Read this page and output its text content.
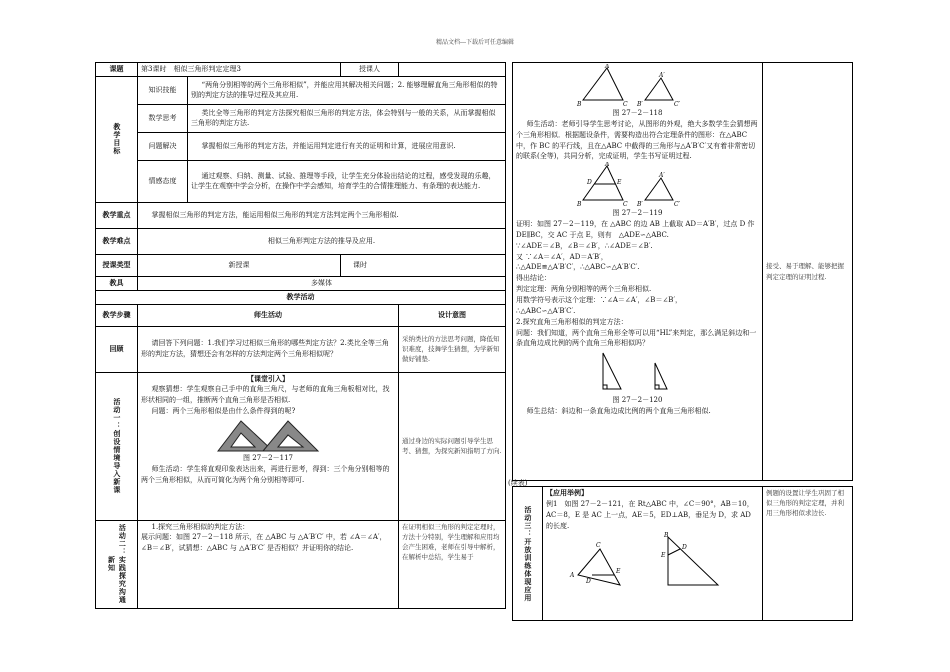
精品文档---下载后可任意编辑
课题	第3课时　相似三角形判定定理3		授课人	

教学目标	知识技能	“两角分别相等的两个三角形相似”，并能应用其解决相关问题；2. 能够理解直角三角形相似的特别的判定方法的推导过程及其应用.		
	数学思考	类比全等三角形的判定方法探究相似三角形的判定方法，体会特别与一般的关系，从而掌握相似三角形的判定方法.		
	问题解决	掌握相似三角形的判定方法，并能运用判定进行有关的证明和计算，进展应用意识.		
	情感态度	通过观察、归纳、测量、试验、推理等手段，让学生充分体验出结论的过程，感受发现的乐趣，让学生在观察中学会分析，在操作中学会感知，培育学生的合情推理能力、有条理的表达能力.		
教学重点	掌握相似三角形的判定方法，能运用相似三角形的判定方法判定两个三角形相似.			
教学难点	相似三角形判定方法的推导及应用.			
授课类型	新授课		课时	
教具	多媒体			
教学活动				
教学步骤	师生活动			设计意图
回顾	请回答下列问题：1.我们学习过相似三角形的哪些判定方法？2.类比全等三角形的判定方法，猜想还会有怎样的方法判定两个三角形相似呢？			采纳类比的方法思考问题，降低知识难度，技舞学生猜想，为学新知做好铺垫.

活动一：创设情境导入新课	【课堂引入】

观察猜想：学生观察自己手中的直角三角尺，与老师的直角三角板相对比，找形状相同的一组，推断两个直角三角形是否相似.

问题：两个三角形相似是由什么条件得到的呢?

图 27－2－117

师生活动：学生将直观印象表达出来，再进行思考，得到：三个角分别相等的两个三角形相似，从而可简化为两个角分别相等即可.			通过身边的实际问题引导学生思考、猜想，为探究新知指明了方向.

活动二：实践探究沟通新知	1.探究三角形相似的判定方法：

展示问题：如图 27－2－118 所示，在 △ABC 与 △A′B′C′ 中，若 ∠A＝∠A′，∠B＝∠B′，试猜想：△ABC 与 △A′B′C′ 是否相似？并证明你的结论.			在证明相似三角形的判定定理时，方法十分特别，学生理解和应用均会产生困难，老师在引导中解析，在解析中总结，学生易于
A
B	C
A′
B′	C′

图 27－2－118

师生活动：老师引导学生思考讨论，从图形的外观，绝大多数学生会猜想两个三角形相似．根据题设条件，需要构造出符合定理条件的图形：在△ABC 中，作 BC 的平行线，且在△ABC 中截得的三角形与△A′B′C′又有着非常密切的联系(全等)，共同分析，完成证明，学生书写证明过程.

A
D	E
B	C
A′
B′	C′

图 27－2－119

证明：如图 27－2－119，在 △ABC 的边 AB 上截取 AD＝A′B′，过点 D 作 DE∥BC，交 AC 于点 E，则有　△ADE∽△ABC.

∵∠ADE＝∠B，∠B＝∠B′，∴∠ADE＝∠B′.

又 ∵∠A＝∠A′，AD＝A′B′，

∴△ADE≌△A′B′C′，∴△ABC∽△A′B′C′.

得出结论：

判定定理：两角分别相等的两个三角形相似.

用数学符号表示这个定理：∵∠A＝∠A′，∠B＝∠B′，

∴△ABC∽△A′B′C′.

2.探究直角三角形相似的判定方法：

问题：我们知道，两个直角三角形全等可以用“HL”来判定，那么满足斜边和一条直角边成比例的两个直角三角形相似吗？

图 27－2－120

师生总结：斜边和一条直角边成比例的两个直角三角形相似.

	接受、易于理解、能够把握判定定理的证明过程.
(续表)
活动三：开放训练体现应用

【应用举例】

例1　如图 27－2－121，在 Rt△ABC 中，∠C＝90°，AB＝10，AC＝8，E 是 AC 上一点，AE＝5，ED⊥AB，垂足为 D，求 AD 的长度.

C
A
D
E
B
D
E
	例题的设置让学生巩固了相似三角形的判定定理，并利用三角形相似求边长.
